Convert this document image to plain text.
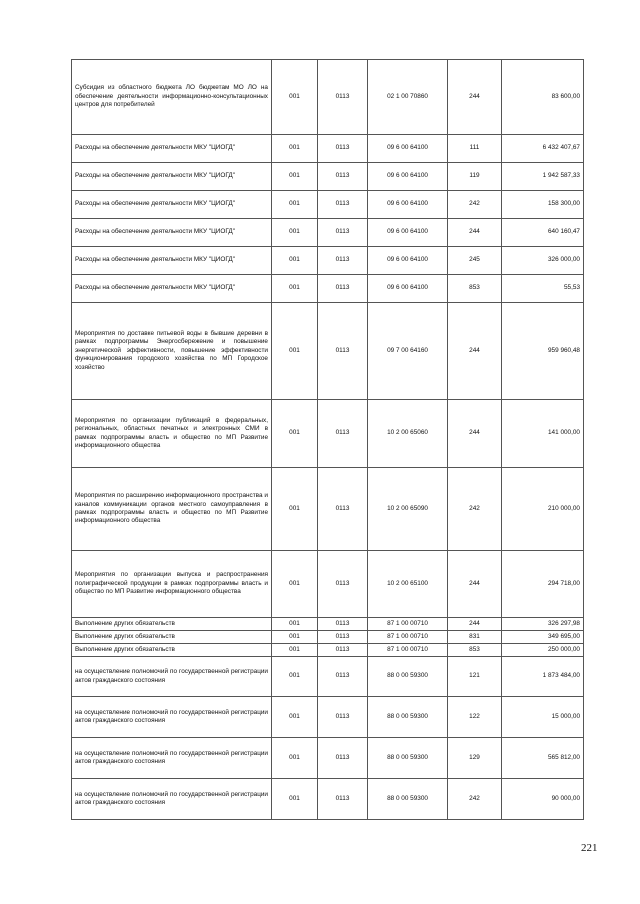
Субсидия из областного бюджета ЛО бюджетам МО ЛО на обеспечение деятельности информационно-консультационных центров для потребителей	001	0113	02 1 00 70860	244	83 600,00
Расходы на обеспечение деятельности МКУ "ЦИОГД"	001	0113	09 6 00 64100	111	6 432 407,67
Расходы на обеспечение деятельности МКУ "ЦИОГД"	001	0113	09 6 00 64100	119	1 942 587,33
Расходы на обеспечение деятельности МКУ "ЦИОГД"	001	0113	09 6 00 64100	242	158 300,00
Расходы на обеспечение деятельности МКУ "ЦИОГД"	001	0113	09 6 00 64100	244	640 160,47
Расходы на обеспечение деятельности МКУ "ЦИОГД"	001	0113	09 6 00 64100	245	326 000,00
Расходы на обеспечение деятельности МКУ "ЦИОГД"	001	0113	09 6 00 64100	853	55,53
Мероприятия по доставке питьевой воды в бывшие деревни в рамках подпрограммы Энергосбережение и повышение энергетической эффективности, повышение эффективности функционирования городского хозяйства по МП Городское хозяйство	001	0113	09 7 00 64160	244	959 960,48
Мероприятия по организации публикаций в федеральных, региональных, областных печатных и электронных СМИ в рамках подпрограммы власть и общество по МП Развитие информационного общества	001	0113	10 2 00 65060	244	141 000,00
Мероприятия по расширению информационного пространства и каналов коммуникации органов местного самоуправления в рамках подпрограммы власть и общество по МП Развитие информационного общества	001	0113	10 2 00 65090	242	210 000,00
Мероприятия по организации выпуска и распространения полиграфической продукции в рамках подпрограммы власть и общество по МП Развитие информационного общества	001	0113	10 2 00 65100	244	294 718,00
Выполнение других обязательств	001	0113	87 1 00 00710	244	326 297,98
Выполнение других обязательств	001	0113	87 1 00 00710	831	349 695,00
Выполнение других обязательств	001	0113	87 1 00 00710	853	250 000,00
на осуществление полномочий по государственной регистрации актов гражданского состояния	001	0113	88 0 00 59300	121	1 873 484,00
на осуществление полномочий по государственной регистрации актов гражданского состояния	001	0113	88 0 00 59300	122	15 000,00
на осуществление полномочий по государственной регистрации актов гражданского состояния	001	0113	88 0 00 59300	129	565 812,00
на осуществление полномочий по государственной регистрации актов гражданского состояния	001	0113	88 0 00 59300	242	90 000,00
221
